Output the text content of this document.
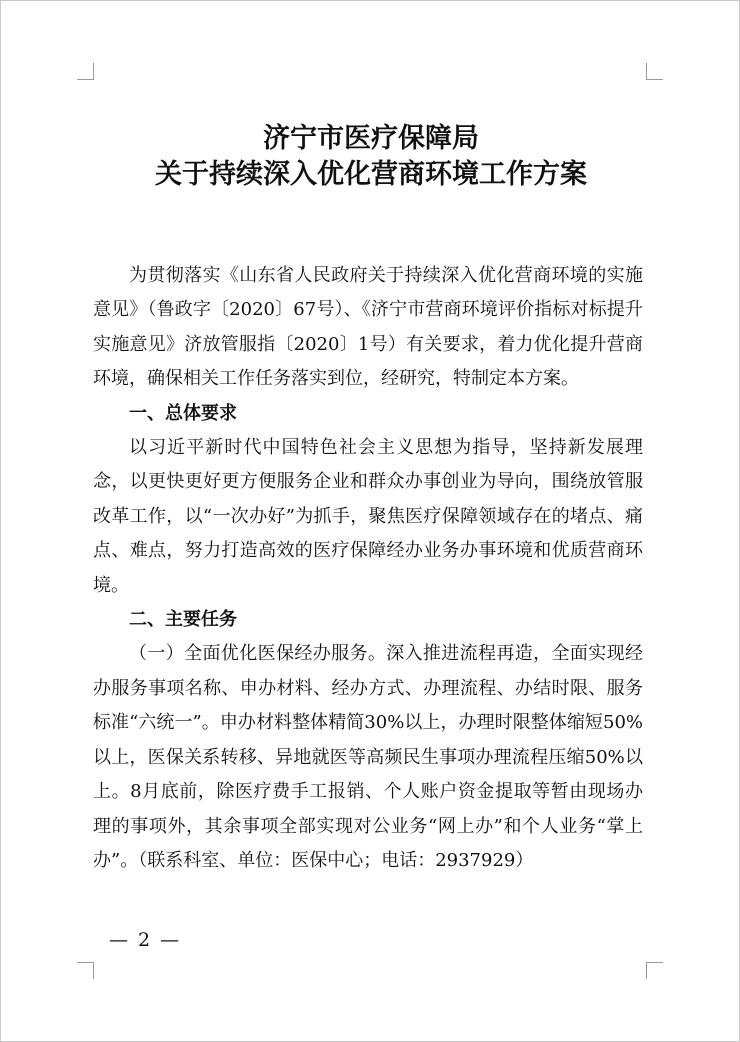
济宁市医疗保障局
关于持续深入优化营商环境工作方案

为贯彻落实《山东省人民政府关于持续深入优化营商环境的实施意见》（鲁政字〔2020〕67号）、《济宁市营商环境评价指标对标提升实施意见》济放管服指〔2020〕1号）有关要求，着力优化提升营商环境，确保相关工作任务落实到位，经研究，特制定本方案。

一、总体要求

以习近平新时代中国特色社会主义思想为指导，坚持新发展理念，以更快更好更方便服务企业和群众办事创业为导向，围绕放管服改革工作，以“一次办好”为抓手，聚焦医疗保障领域存在的堵点、痛点、难点，努力打造高效的医疗保障经办业务办事环境和优质营商环境。

二、主要任务

（一）全面优化医保经办服务。深入推进流程再造，全面实现经办服务事项名称、申办材料、经办方式、办理流程、办结时限、服务标准“六统一”。申办材料整体精简30%以上，办理时限整体缩短50%以上，医保关系转移、异地就医等高频民生事项办理流程压缩50%以上。8月底前，除医疗费手工报销、个人账户资金提取等暂由现场办理的事项外，其余事项全部实现对公业务“网上办”和个人业务“掌上办”。（联系科室、单位：医保中心；电话：2937929）

— 2 —
